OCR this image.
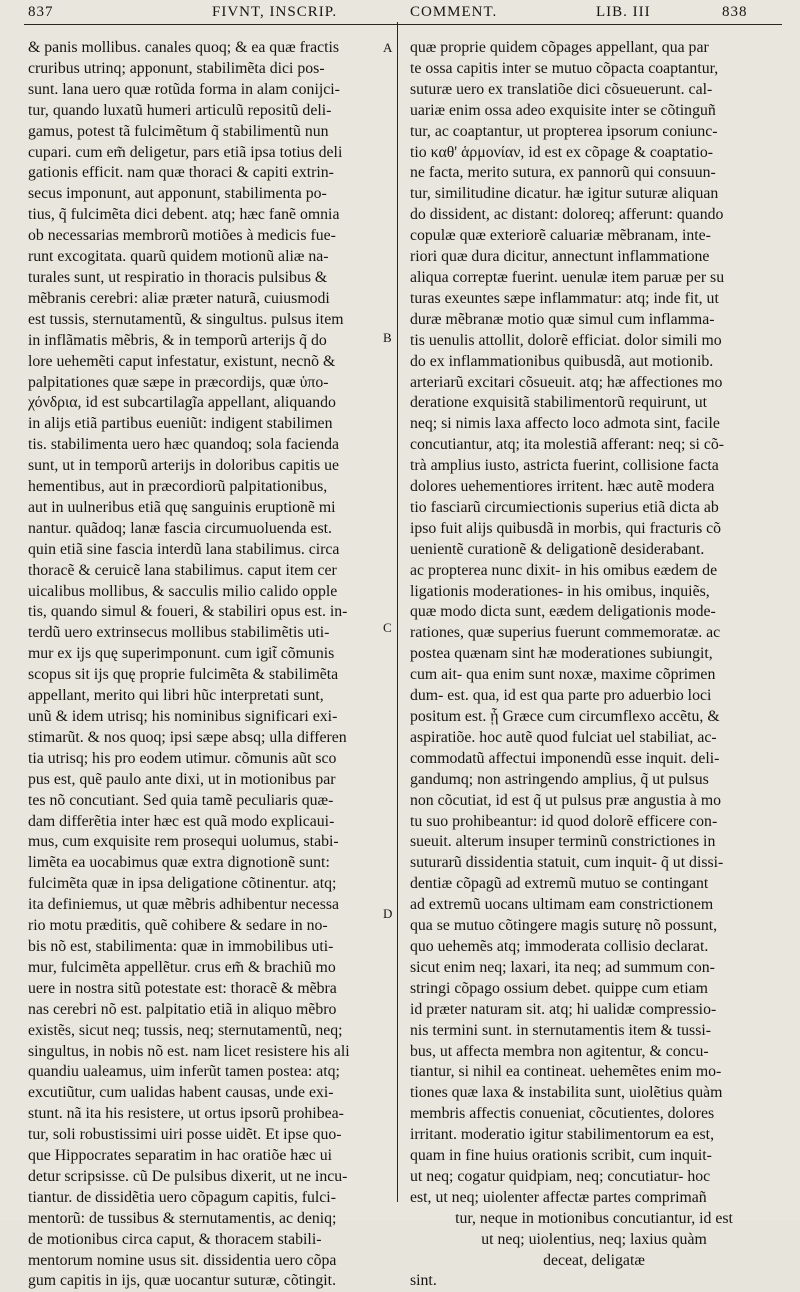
837	FIVNT, INSCRIP.	COMMENT.	LIB. III	838
& panis mollibus. canales quoq; & ea quæ fractis
cruribus utrinq; apponunt, stabilimẽta dici pos-
sunt. lana uero quæ rotũda forma in alam conijci-
tur, quando luxatũ humeri articulũ repositũ deli-
gamus, potest tã fulcimẽtum q̃ stabilimentũ nun
cupari. cum em̃ deligetur, pars etiã ipsa totius deli
gationis efficit. nam quæ thoraci & capiti extrin-
secus imponunt, aut apponunt, stabilimenta po-
tius, q̃ fulcimẽta dici debent. atq; hæc fanẽ omnia
ob necessarias membrorũ motiões à medicis fue-
runt excogitata. quarũ quidem motionũ aliæ na-
turales sunt, ut respiratio in thoracis pulsibus &
mẽbranis cerebri: aliæ præter naturã, cuiusmodi
est tussis, sternutamentũ, & singultus. pulsus item
in inflãmatis mẽbris, & in temporũ arterijs q̃ do
lore uehemẽti caput infestatur, existunt, necnõ &
palpitationes quæ sæpe in præcordijs, quæ ὑπο-
χόνδρια, id est subcartilagĩa appellant, aliquando
in alijs etiã partibus eueniũt: indigent stabilimen
tis. stabilimenta uero hæc quandoq; sola facienda
sunt, ut in temporũ arterijs in doloribus capitis ue
hementibus, aut in præcordiorũ palpitationibus,
aut in uulneribus etiã quę sanguinis eruptionẽ mi
nantur. quãdoq; lanæ fascia circumuoluenda est.
quin etiã sine fascia interdũ lana stabilimus. circa
thoracẽ & ceruicẽ lana stabilimus. caput item cer
uicalibus mollibus, & sacculis milio calido opple
tis, quando simul & foueri, & stabiliri opus est. in-
terdũ uero extrinsecus mollibus stabilimẽtis uti-
mur ex ijs quę superimponunt. cum igit̃ cõmunis
scopus sit ijs quę proprie fulcimẽta & stabilimẽta
appellant, merito qui libri hũc interpretati sunt,
unũ & idem utrisq; his nominibus significari exi-
stimarũt. & nos quoq; ipsi sæpe absq; ulla differen
tia utrisq; his pro eodem utimur. cõmunis aũt sco
pus est, quẽ paulo ante dixi, ut in motionibus par
tes nõ concutiant. Sed quia tamẽ peculiaris quæ-
dam differẽtia inter hæc est quã modo explicaui-
mus, cum exquisite rem prosequi uolumus, stabi-
limẽta ea uocabimus quæ extra dignotionẽ sunt:
fulcimẽta quæ in ipsa deligatione cõtinentur. atq;
ita definiemus, ut quæ mẽbris adhibentur necessa
rio motu præditis, quẽ cohibere & sedare in no-
bis nõ est, stabilimenta: quæ in immobilibus uti-
mur, fulcimẽta appellẽtur. crus em̃ & brachiũ mo
uere in nostra sitũ potestate est: thoracẽ & mẽbra
nas cerebri nõ est. palpitatio etiã in aliquo mẽbro
existẽs, sicut neq; tussis, neq; sternutamentũ, neq;
singultus, in nobis nõ est. nam licet resistere his ali
quandiu ualeamus, uim inferũt tamen postea: atq;
excutiũtur, cum ualidas habent causas, unde exi-
stunt. nã ita his resistere, ut ortus ipsorũ prohibea-
tur, soli robustissimi uiri posse uidẽt. Et ipse quo-
que Hippocrates separatim in hac oratiõe hæc ui
detur scripsisse. cũ De pulsibus dixerit, ut ne incu-
tiantur. de dissidẽtia uero cõpagum capitis, fulci-
mentorũ: de tussibus & sternutamentis, ac deniq;
de motionibus circa caput, & thoracem stabili-
mentorum nomine usus sit. dissidentia uero cõpa
gum capitis in ijs, quæ uocantur suturæ, cõtingit.
quæ proprie quidem cõpages appellant, qua par
te ossa capitis inter se mutuo cõpacta coaptantur,
suturæ uero ex translatiõe dici cõsueuerunt. cal-
uariæ enim ossa adeo exquisite inter se cõtinguñ
tur, ac coaptantur, ut propterea ipsorum coniunc-
tio καθ' ἁρμονίαν, id est ex cõpage & coaptatio-
ne facta, merito sutura, ex pannorũ qui consuun-
tur, similitudine dicatur. hæ igitur suturæ aliquan
do dissident, ac distant: doloreq; afferunt: quando
copulæ quæ exteriorẽ caluariæ mẽbranam, inte-
riori quæ dura dicitur, annectunt inflammatione
aliqua correptæ fuerint. uenulæ item paruæ per su
turas exeuntes sæpe inflammatur: atq; inde fit, ut
duræ mẽbranæ motio quæ simul cum inflamma-
tis uenulis attollit, dolorẽ efficiat. dolor simili mo
do ex inflammationibus quibusdã, aut motionib.
arteriarũ excitari cõsueuit. atq; hæ affectiones mo
deratione exquisitã stabilimentorũ requirunt, ut
neq; si nimis laxa affecto loco admota sint, facile
concutiantur, atq; ita molestiã afferant: neq; si cõ-
trà amplius iusto, astricta fuerint, collisione facta
dolores uehementiores irritent. hæc autẽ modera
tio fasciarũ circumiectionis superius etiã dicta ab
ipso fuit alijs quibusdã in morbis, qui fracturis cõ
uenientẽ curationẽ & deligationẽ desiderabant.
ac propterea nunc dixit- in his omibus eædem de
ligationis moderationes- in his omibus, inquiẽs,
quæ modo dicta sunt, eædem deligationis mode-
rationes, quæ superius fuerunt commemoratæ. ac
postea quænam sint hæ moderationes subiungit,
cum ait- qua enim sunt noxæ, maxime cõprimen
dum- est. qua, id est qua parte pro aduerbio loci
positum est. ᾗ Græce cum circumflexo accẽtu, &
aspiratiõe. hoc autẽ quod fulciat uel stabiliat, ac-
commodatũ affectui imponendũ esse inquit. deli-
gandumq; non astringendo amplius, q̃ ut pulsus
non cõcutiat, id est q̃ ut pulsus præ angustia à mo
tu suo prohibeantur: id quod dolorẽ efficere con-
sueuit. alterum insuper terminũ constrictiones in
suturarũ dissidentia statuit, cum inquit- q̃ ut dissi-
dentiæ cõpagũ ad extremũ mutuo se contingant
ad extremũ uocans ultimam eam constrictionem
qua se mutuo cõtingere magis suturę nõ possunt,
quo uehemẽs atq; immoderata collisio declarat.
sicut enim neq; laxari, ita neq; ad summum con-
stringi cõpago ossium debet. quippe cum etiam
id præter naturam sit. atq; hi ualidæ compressio-
nis termini sunt. in sternutamentis item & tussi-
bus, ut affecta membra non agitentur, & concu-
tiantur, si nihil ea contineat. uehemẽtes enim mo-
tiones quæ laxa & instabilita sunt, uiolẽtius quàm
membris affectis conueniat, cõcutientes, dolores
irritant. moderatio igitur stabilimentorum ea est,
quam in fine huius orationis scribit, cum inquit-
ut neq; cogatur quidpiam, neq; concutiatur- hoc
est, ut neq; uiolenter affectæ partes comprimañ
tur, neque in motionibus concutiantur, id est
ut neq; uiolentius, neq; laxius quàm
deceat, deligatæ
sint.
A
B
C
D
